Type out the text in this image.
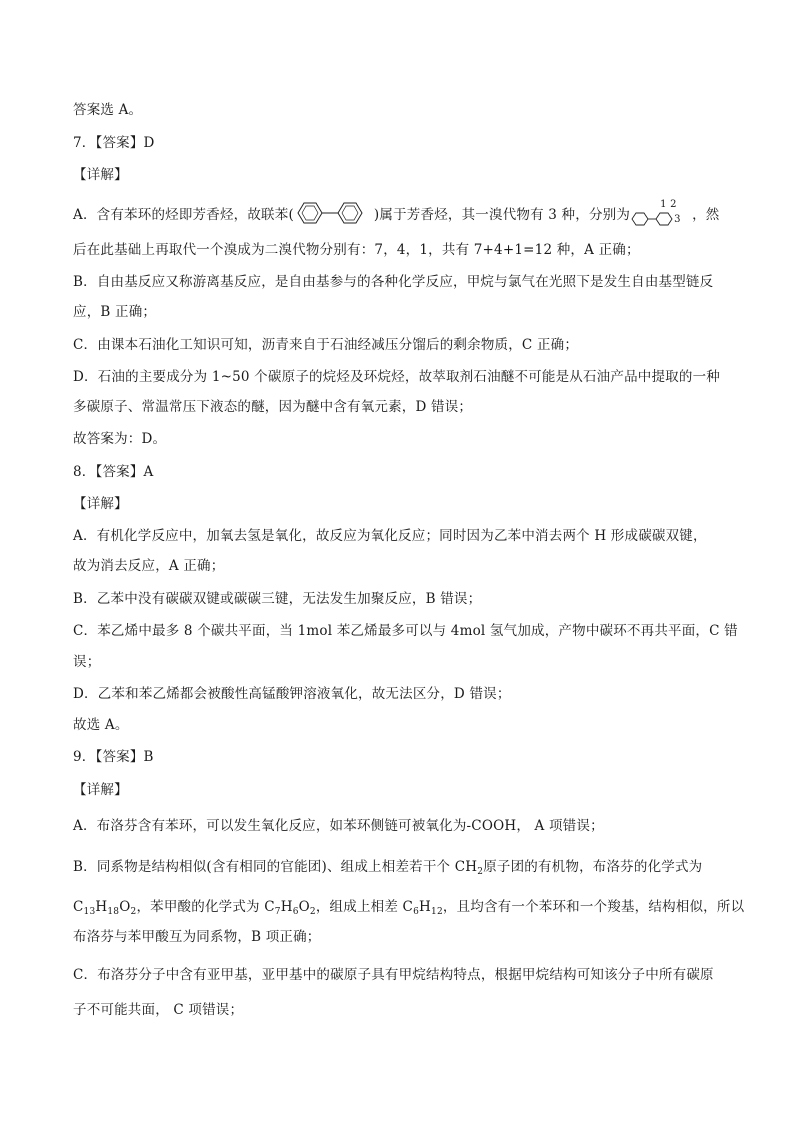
答案选 A。
7．【答案】D
【详解】
A．含有苯环的烃即芳香烃，故联苯(	)属于芳香烃，其一溴代物有 3 种，分别为
1 2
3 ，然
后在此基础上再取代一个溴成为二溴代物分别有：7，4，1，共有 7+4+1=12 种，A 正确；
B．自由基反应又称游离基反应，是自由基参与的各种化学反应，甲烷与氯气在光照下是发生自由基型链反
应，B 正确；
C．由课本石油化工知识可知，沥青来自于石油经减压分馏后的剩余物质，C 正确；
D．石油的主要成分为 1~50 个碳原子的烷烃及环烷烃，故萃取剂石油醚不可能是从石油产品中提取的一种
多碳原子、常温常压下液态的醚，因为醚中含有氧元素，D 错误；
故答案为：D。
8．【答案】A
【详解】
A．有机化学反应中，加氧去氢是氧化，故反应为氧化反应；同时因为乙苯中消去两个 H 形成碳碳双键，
故为消去反应，A 正确；
B．乙苯中没有碳碳双键或碳碳三键，无法发生加聚反应，B 错误；
C．苯乙烯中最多 8 个碳共平面，当 1mol 苯乙烯最多可以与 4mol 氢气加成，产物中碳环不再共平面，C 错
误；
D．乙苯和苯乙烯都会被酸性高锰酸钾溶液氧化，故无法区分，D 错误；
故选 A。
9．【答案】B
【详解】
A．布洛芬含有苯环，可以发生氧化反应，如苯环侧链可被氧化为-COOH， A 项错误；
B．同系物是结构相似(含有相同的官能团)、组成上相差若干个 $CH_2$原子团的有机物，布洛芬的化学式为
$C_{13}H_{18}O_2$，苯甲酸的化学式为 $C_7H_6O_2$，组成上相差 $C_6H_{12}$，且均含有一个苯环和一个羧基，结构相似，所以
布洛芬与苯甲酸互为同系物，B 项正确；
C．布洛芬分子中含有亚甲基，亚甲基中的碳原子具有甲烷结构特点，根据甲烷结构可知该分子中所有碳原
子不可能共面， C 项错误；
